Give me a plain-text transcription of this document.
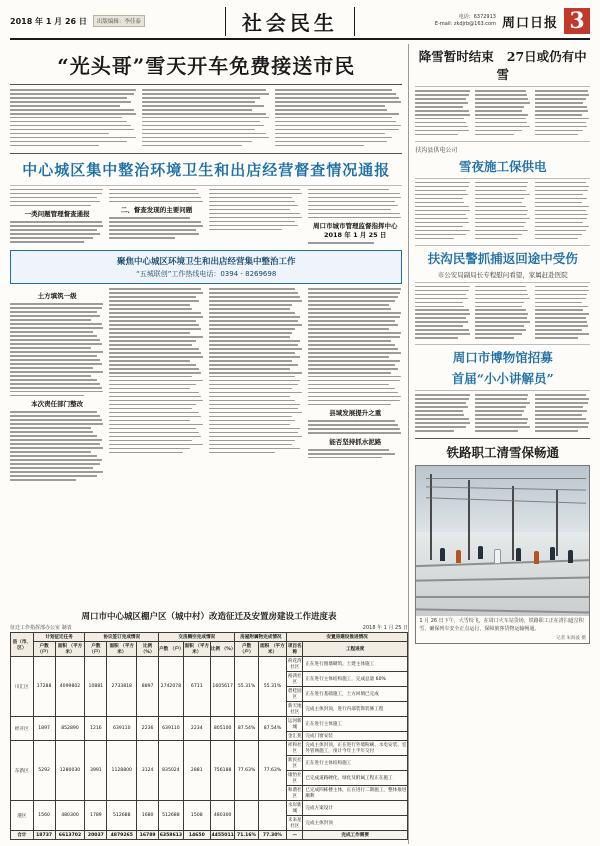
2018 年 1 月 26 日	出版编辑：李佳泰	社会民生	电话：6372913
E-mail: zkdjrb@163.com 周口日报 3
“光头哥”雪天开车免费接送市民
中心城区集中整治环境卫生和出店经营督查情况通报
一类问题管理督查通报	二、督查发现的主要问题
周口市城市管理监督指挥中心 2018 年 1 月 25 日
聚焦中心城区环境卫生和出店经营集中整治工作
“五城联创”工作热线电话：0394 - 8269698
土方填筑一级
本次责任部门整改
县域发展提升之重
能否坚持抓水泥路
降雪暂时结束 27日或仍有中雪
扶沟县供电公司
雪夜施工保供电
扶沟民警抓捕返回途中受伤
市公安局副局长专程慰问看望，家属赶赴医院
周口市博物馆招募
首届“小小讲解员”
铁路职工清雪保畅通
1 月 26 日下午，大雪纷飞，在周口火车站货场，铁路职工正在清扫道岔积雪，确保列车安全正点运行，保障旅客货物运输畅通。
记者 朱海波 摄
周口市中心城区棚户区（城中村）改造征迁及安置房建设工作进度表
征迁工作指挥部办公室 制表	2018 年 1 月 25 日
县（市、区）	计划征迁任务		协议签订完成情况			交房腾空完成情况			房屋附属物完成情况		安置房建设推进情况	
	户数 （户）	面积 （平方米）	户数 （户）	面积 （平方米）	比例 （%）	户数 （户）	面积 （平方米）	比例 （%）	户数 （户）	面积 （平方米）	项目名称	工程进度
川汇区	17288	4099802	10881	2733818	8897	2742078	6711	1605617	55.31%	55.31%	荷花湾社区	正在进行围墙砌筑、土建主体施工
											裕鸿社区	正在进行主体结构施工，完成总量 60%
											碧桂园区	正在进行基础施工，土方回填已完成
											新天地社区	完成主体封顶，进行内部装饰装修工程
经开区	1897	852890	1216	639110	2236	639110	2234	805100	87.54%	87.54%	运河新城	正在进行主体施工
											金汇苑	完成门窗安装
东新区	5292	1280030	3991	1128800	3124	835024	2881	756188	77.63%	77.63%	祥和社区	完成主体封顶，正在进行外墙粉刷、水电安装、室外管网施工，预计今年上半年交付
											新民社区	正在进行主体结构施工
											康怡社区	已完成道路硬化，绿化及附属工程正在施工
											和谐社区	已完成四栋楼主体，正在进行二期施工，整体推进顺利
港区	1560	480300	1789	512688	1680	512688	1508	480300			水岸新城	完成方案设计
											未来星社区	完成主体封顶
合计	18737	6613702	20037	4879265	16789	6358613	14650	4455011	71.16%	77.30%	—	完成工作需要
